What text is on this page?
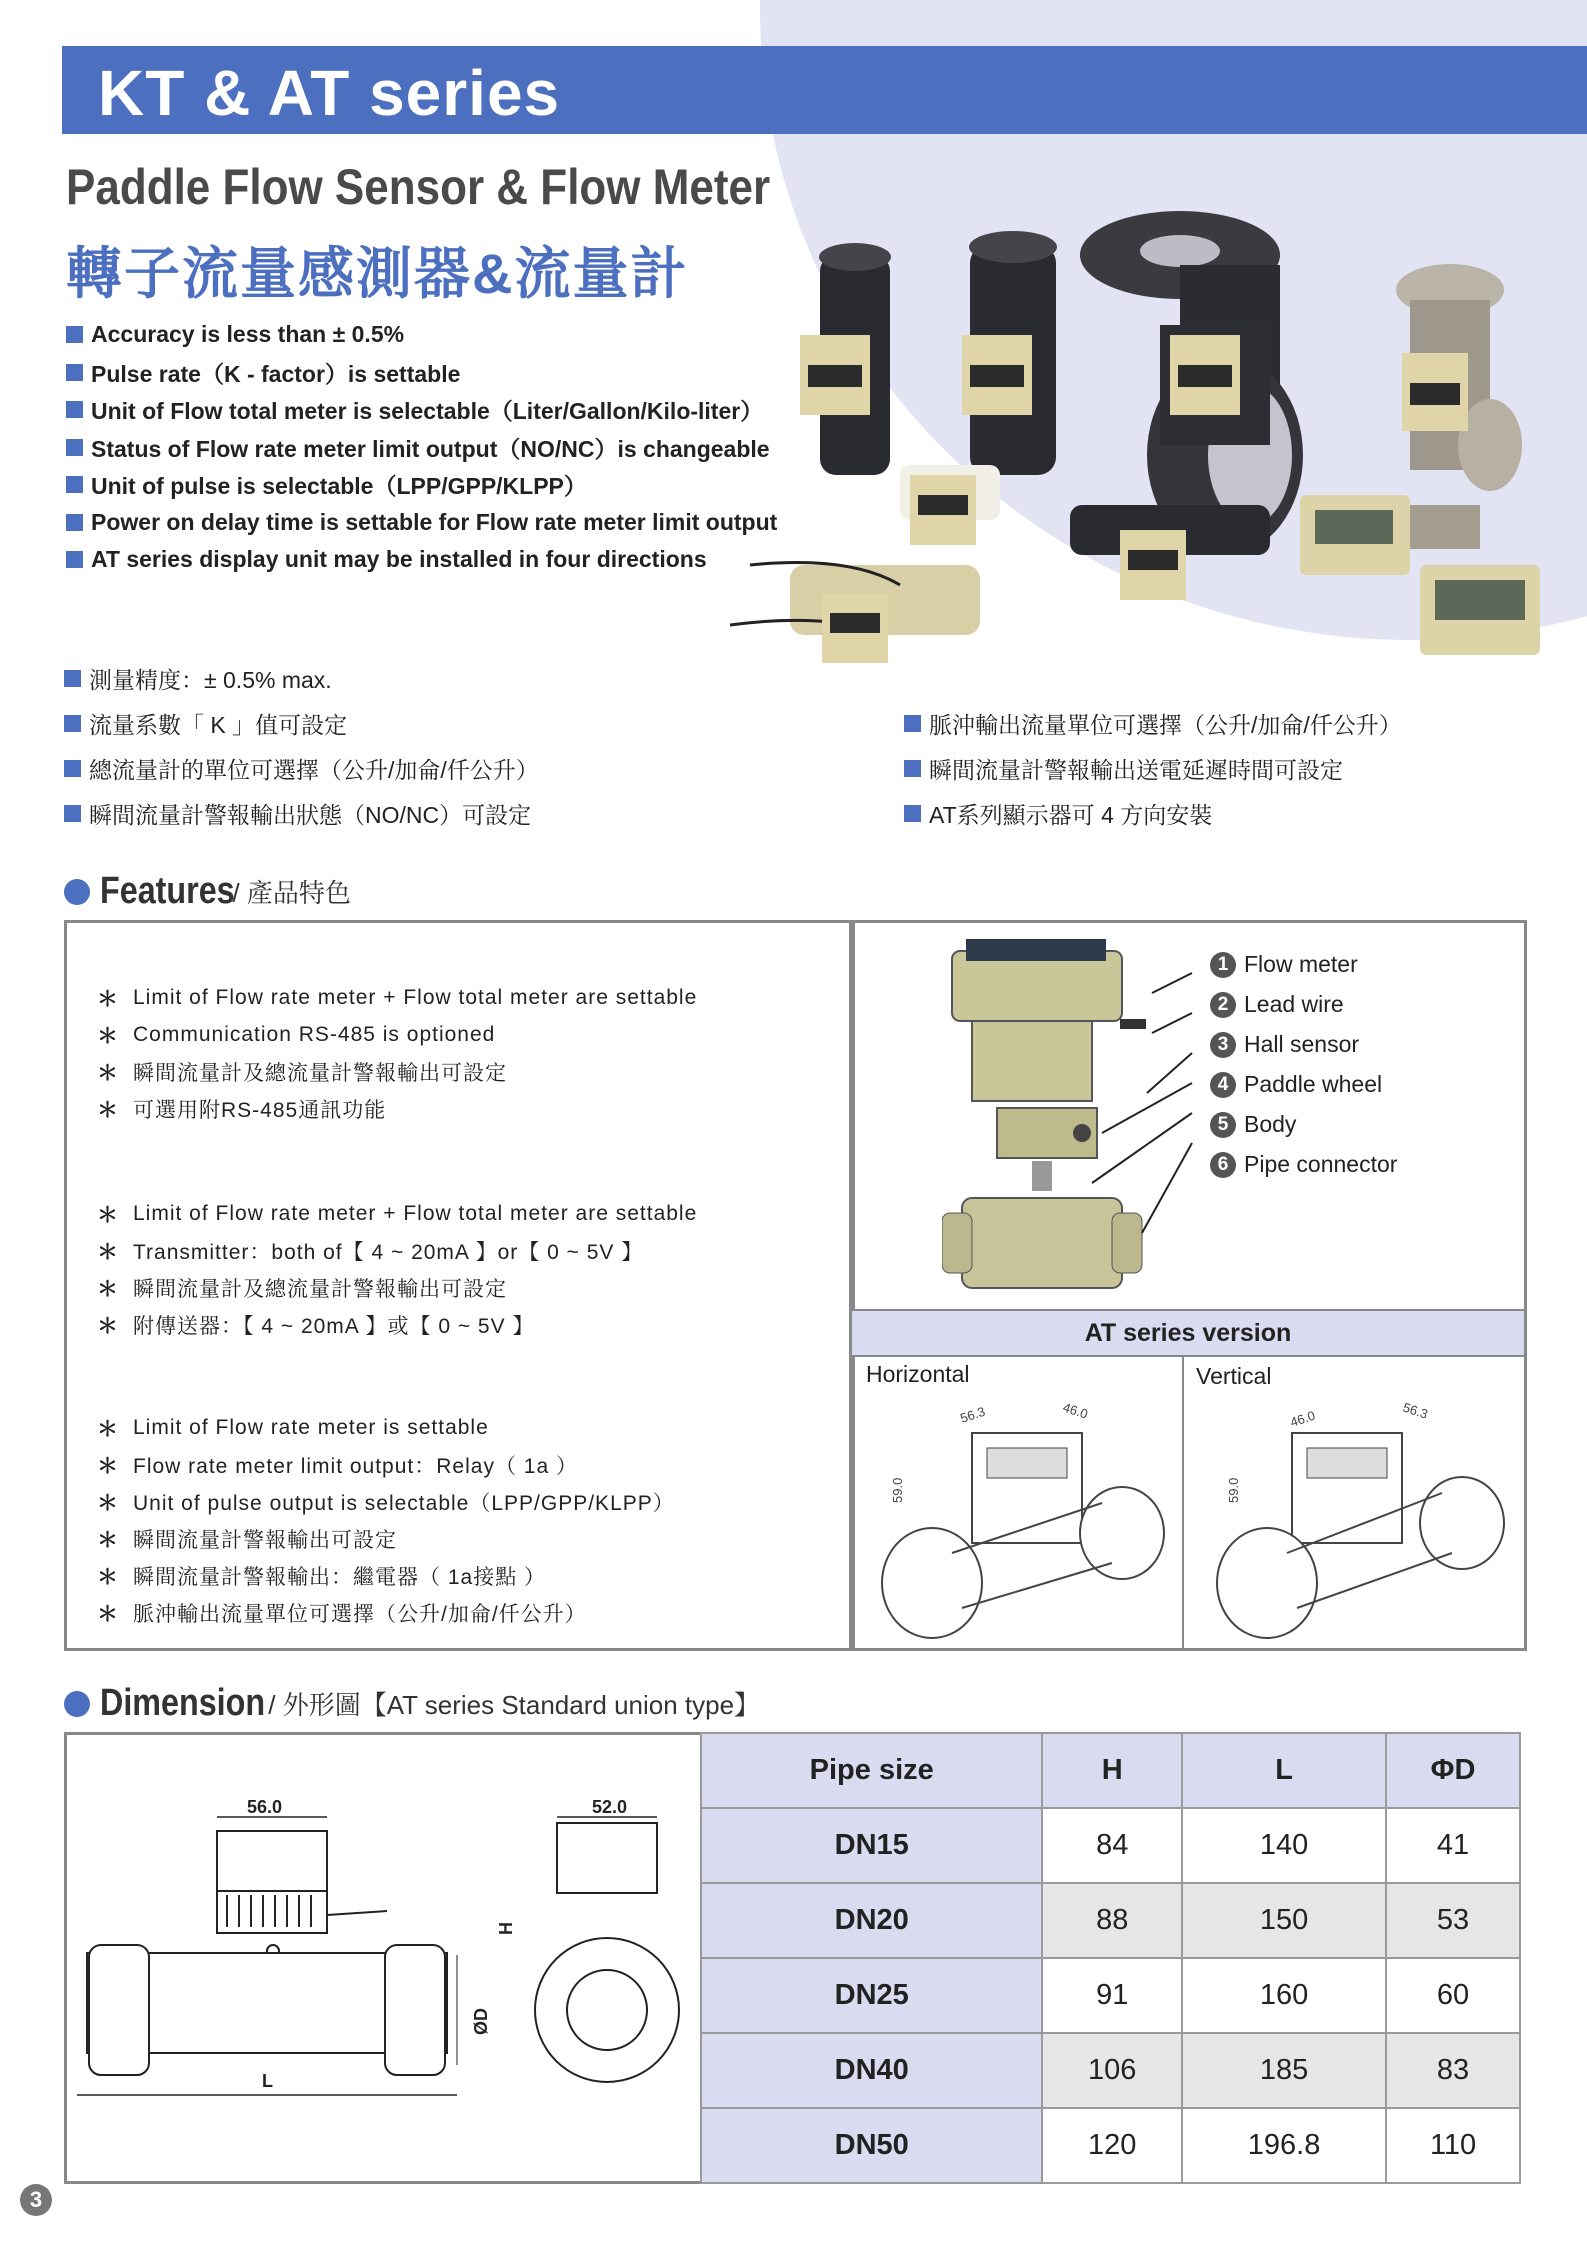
KT & AT series
Paddle Flow Sensor & Flow Meter
轉子流量感測器&流量計
Accuracy is less than ± 0.5%
Pulse rate（K - factor）is settable
Unit of Flow total meter is selectable（Liter/Gallon/Kilo-liter）
Status of Flow rate meter limit output（NO/NC）is changeable
Unit of pulse is selectable（LPP/GPP/KLPP）
Power on delay time is settable for Flow rate meter limit output
AT series display unit may be installed in four directions
測量精度：± 0.5% max.
流量系數「 K 」值可設定
總流量計的單位可選擇（公升/加侖/仟公升）
瞬間流量計警報輸出狀態（NO/NC）可設定
脈沖輸出流量單位可選擇（公升/加侖/仟公升）
瞬間流量計警報輸出送電延遲時間可設定
AT系列顯示器可 4 方向安裝
Features
/ 產品特色
＊ Limit of Flow rate meter + Flow total meter are settable
＊ Communication RS-485 is optioned
＊ 瞬間流量計及總流量計警報輸出可設定
＊ 可選用附RS-485通訊功能
＊ Limit of Flow rate meter + Flow total meter are settable
＊ Transmitter：both of【 4 ~ 20mA 】or【 0 ~ 5V 】
＊ 瞬間流量計及總流量計警報輸出可設定
＊ 附傳送器：【 4 ~ 20mA 】或【 0 ~ 5V 】
＊ Limit of Flow rate meter is settable
＊ Flow rate meter limit output：Relay（ 1a ）
＊ Unit of pulse output is selectable（LPP/GPP/KLPP）
＊ 瞬間流量計警報輸出可設定
＊ 瞬間流量計警報輸出：繼電器（ 1a接點 ）
＊ 脈沖輸出流量單位可選擇（公升/加侖/仟公升）
1 Flow meter
2 Lead wire
3 Hall sensor
4 Paddle wheel
5 Body
6 Pipe connector
AT series version
Horizontal	Vertical
56.3	46.0
59.0
46.0	56.3
59.0
Dimension / 外形圖【AT series Standard union type】
56.0	52.0
H
ØD
L
Pipe size	H	L	ΦD
DN15	84	140	41
DN20	88	150	53
DN25	91	160	60
DN40	106	185	83
DN50	120	196.8	110
3
